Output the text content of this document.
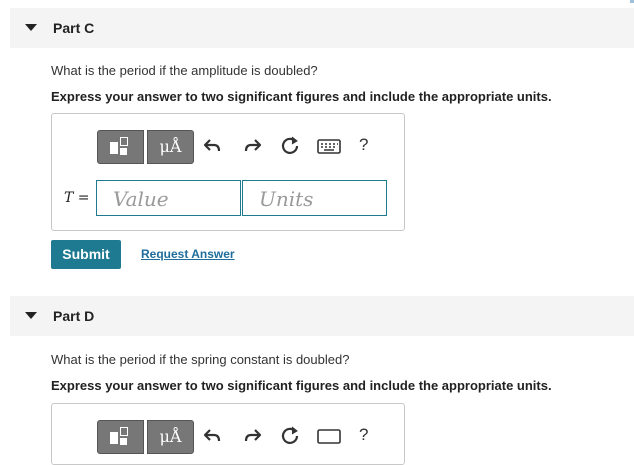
Part C
What is the period if the amplitude is doubled?
Express your answer to two significant figures and include the appropriate units.
μÅ	?
T = Value	Units
Submit	Request Answer
Part D
What is the period if the spring constant is doubled?
Express your answer to two significant figures and include the appropriate units.
μÅ	?
